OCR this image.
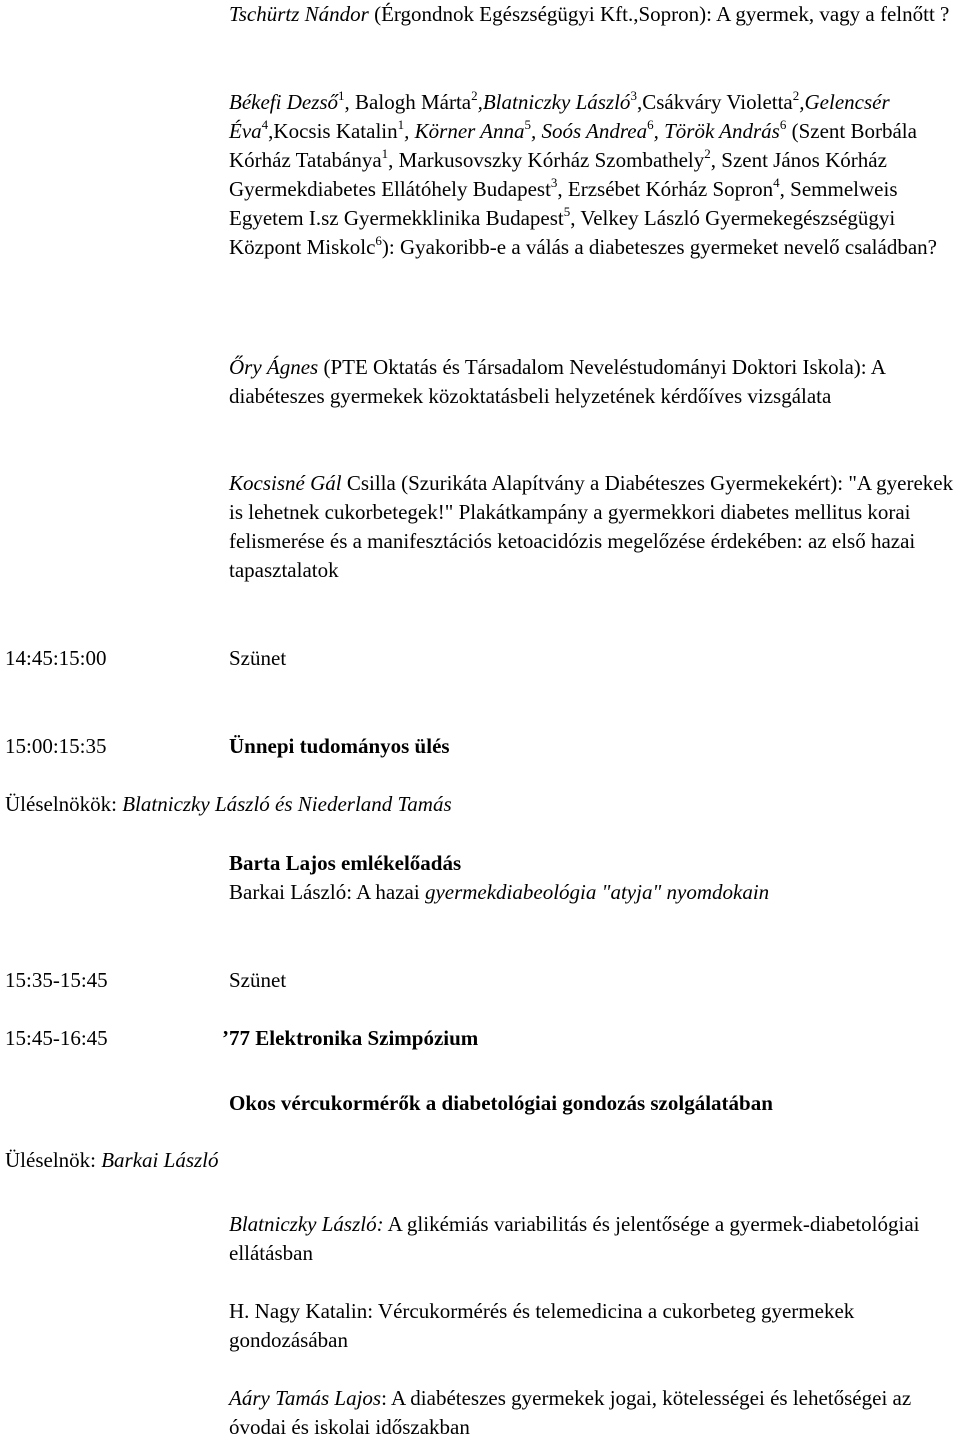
Tschürtz Nándor (Érgondnok Egészségügyi Kft.,Sopron): A gyermek, vagy a felnőtt ?

Békefi Dezső$^1$, Balogh Márta$^2$,Blatniczky László$^3$,Csákváry Violetta$^2$,Gelencsér Éva$^4$,Kocsis Katalin$^1$, Körner Anna$^5$, Soós Andrea$^6$, Török András$^6$ (Szent Borbála Kórház Tatabánya$^1$, Markusovszky Kórház Szombathely$^2$, Szent János Kórház Gyermekdiabetes Ellátóhely Budapest$^3$, Erzsébet Kórház Sopron$^4$, Semmelweis Egyetem I.sz Gyermekklinika Budapest$^5$, Velkey László Gyermekegészségügyi Központ Miskolc$^6$): Gyakoribb-e a válás a diabeteszes gyermeket nevelő családban?

Őry Ágnes (PTE Oktatás és Társadalom Neveléstudományi Doktori Iskola): A diabéteszes gyermekek közoktatásbeli helyzetének kérdőíves vizsgálata

Kocsisné Gál Csilla (Szurikáta Alapítvány a Diabéteszes Gyermekekért): "A gyerekek is lehetnek cukorbetegek!" Plakátkampány a gyermekkori diabetes mellitus korai felismerése és a manifesztációs ketoacidózis megelőzése érdekében: az első hazai tapasztalatok

14:45:15:00	Szünet

15:00:15:35	Ünnepi tudományos ülés

Üléselnökök: Blatniczky László és Niederland Tamás

Barta Lajos emlékelőadás
Barkai László: A hazai gyermekdiabeológia "atyja" nyomdokain

15:35-15:45	Szünet

15:45-16:45	’77 Elektronika Szimpózium

Okos vércukormérők a diabetológiai gondozás szolgálatában

Üléselnök: Barkai László

Blatniczky László: A glikémiás variabilitás és jelentősége a gyermek-diabetológiai ellátásban

H. Nagy Katalin: Vércukormérés és telemedicina a cukorbeteg gyermekek gondozásában

Aáry Tamás Lajos: A diabéteszes gyermekek jogai, kötelességei és lehetőségei az óvodai és iskolai időszakban
